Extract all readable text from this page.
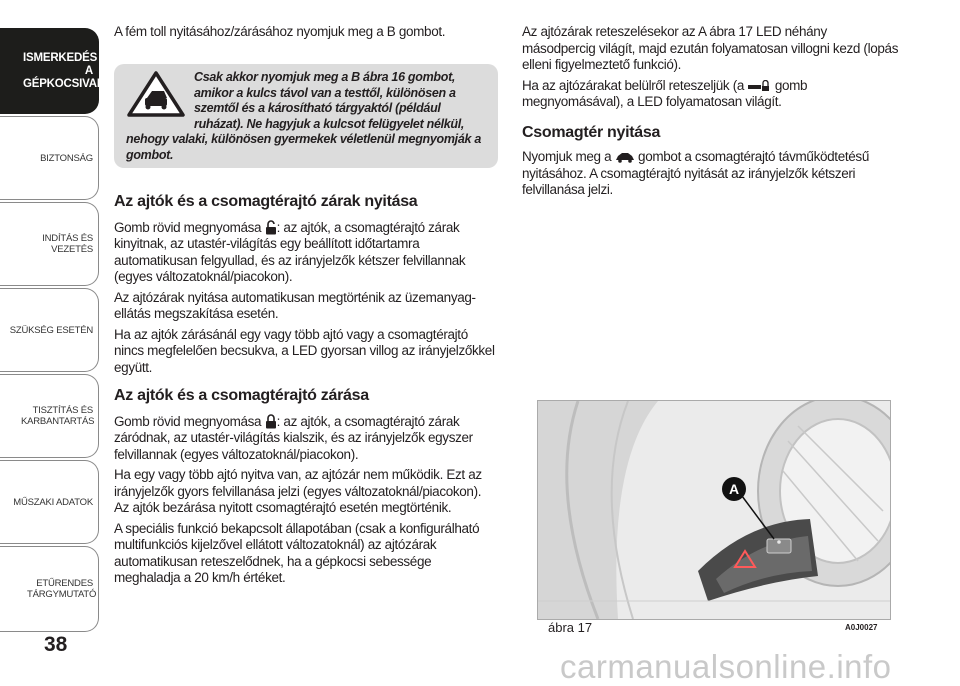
ISMERKEDÉS A GÉPKOCSIVAL
BIZTONSÁG
INDÍTÁS ÉS VEZETÉS
SZÜKSÉG ESETÉN
TISZTÍTÁS ÉS KARBANTARTÁS
MŰSZAKI ADATOK
ETŰRENDES TÁRGYMUTATÓ
38

A fém toll nyitásához/zárásához nyomjuk meg a B gombot.

Csak akkor nyomjuk meg a B ábra 16 gombot, amikor a kulcs távol van a testtől, különösen a szemtől és a károsítható tárgyaktól (például ruházat). Ne hagyjuk a kulcsot felügyelet nélkül, nehogy valaki, különösen gyermekek véletlenül megnyomják a gombot.
Az ajtók és a csomagtérajtó zárak nyitása

Gomb rövid megnyomása : az ajtók, a csomagtérajtó zárak kinyitnak, az utastér-világítás egy beállított időtartamra automatikusan felgyullad, és az irányjelzők kétszer felvillannak (egyes változatoknál/piacokon).

Az ajtózárak nyitása automatikusan megtörténik az üzemanyag-ellátás megszakítása esetén.

Ha az ajtók zárásánál egy vagy több ajtó vagy a csomagtérajtó nincs megfelelően becsukva, a LED gyorsan villog az irányjelzőkkel együtt.

Az ajtók és a csomagtérajtó zárása

Gomb rövid megnyomása : az ajtók, a csomagtérajtó zárak záródnak, az utastér-világítás kialszik, és az irányjelzők egyszer felvillannak (egyes változatoknál/piacokon).

Ha egy vagy több ajtó nyitva van, az ajtózár nem működik. Ezt az irányjelzők gyors felvillanása jelzi (egyes változatoknál/piacokon). Az ajtók bezárása nyitott csomagtérajtó esetén megtörténik.

A speciális funkció bekapcsolt állapotában (csak a konfigurálható multifunkciós kijelzővel ellátott változatoknál) az ajtózárak automatikusan reteszelődnek, ha a gépkocsi sebessége meghaladja a 20 km/h értéket.

Az ajtózárak reteszelésekor az A ábra 17 LED néhány másodpercig világít, majd ezután folyamatosan villogni kezd (lopás elleni figyelmeztető funkció).

Ha az ajtózárakat belülről reteszeljük (a gomb megnyomásával), a LED folyamatosan világít.

Csomagtér nyitása

Nyomjuk meg a gombot a csomagtérajtó távműködtetésű nyitásához. A csomagtérajtó nyitását az irányjelzők kétszeri felvillanása jelzi.

A
ábra 17	A0J0027
carmanualsonline.info
